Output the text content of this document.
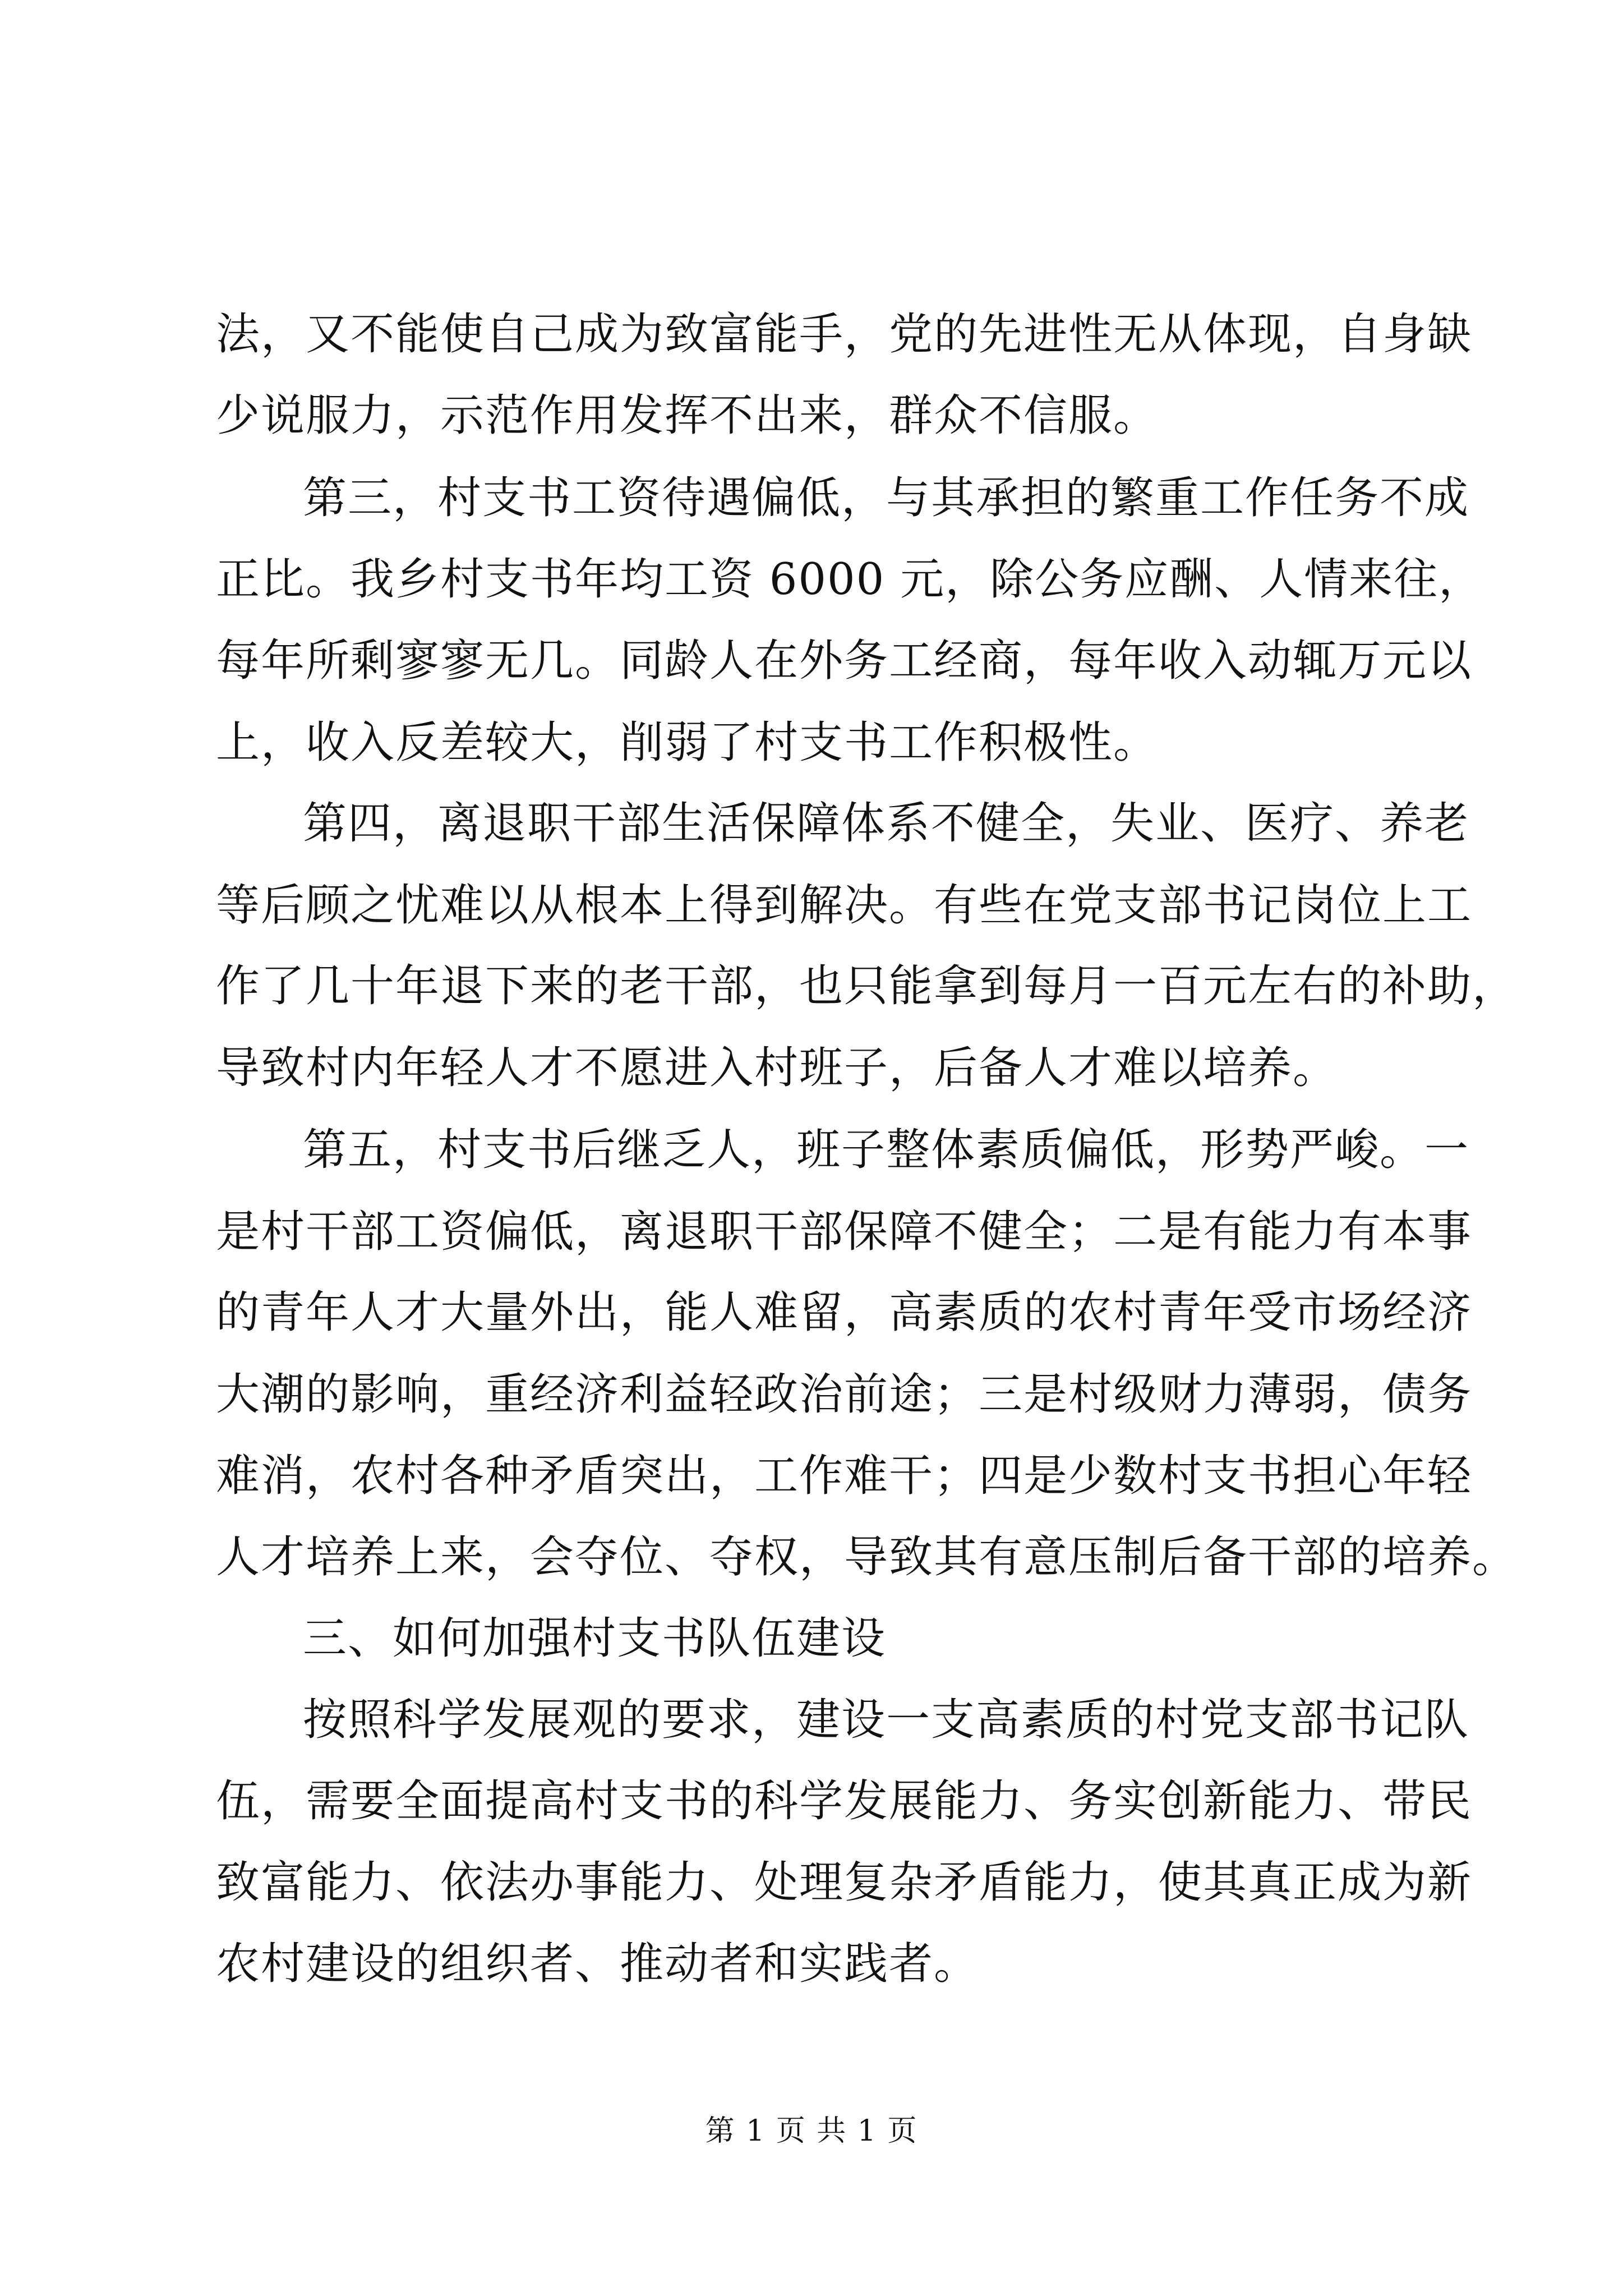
法，又不能使自己成为致富能手，党的先进性无从体现，自身缺
少说服力，示范作用发挥不出来，群众不信服。
第三，村支书工资待遇偏低，与其承担的繁重工作任务不成
正比。我乡村支书年均工资 6000 元，除公务应酬、人情来往，
每年所剩寥寥无几。同龄人在外务工经商，每年收入动辄万元以
上，收入反差较大，削弱了村支书工作积极性。
第四，离退职干部生活保障体系不健全，失业、医疗、养老
等后顾之忧难以从根本上得到解决。有些在党支部书记岗位上工
作了几十年退下来的老干部，也只能拿到每月一百元左右的补助，
导致村内年轻人才不愿进入村班子，后备人才难以培养。
第五，村支书后继乏人，班子整体素质偏低，形势严峻。一
是村干部工资偏低，离退职干部保障不健全；二是有能力有本事
的青年人才大量外出，能人难留，高素质的农村青年受市场经济
大潮的影响，重经济利益轻政治前途；三是村级财力薄弱，债务
难消，农村各种矛盾突出，工作难干；四是少数村支书担心年轻
人才培养上来，会夺位、夺权，导致其有意压制后备干部的培养。
三、如何加强村支书队伍建设
按照科学发展观的要求，建设一支高素质的村党支部书记队
伍，需要全面提高村支书的科学发展能力、务实创新能力、带民
致富能力、依法办事能力、处理复杂矛盾能力，使其真正成为新
农村建设的组织者、推动者和实践者。
第 1 页 共 1 页
